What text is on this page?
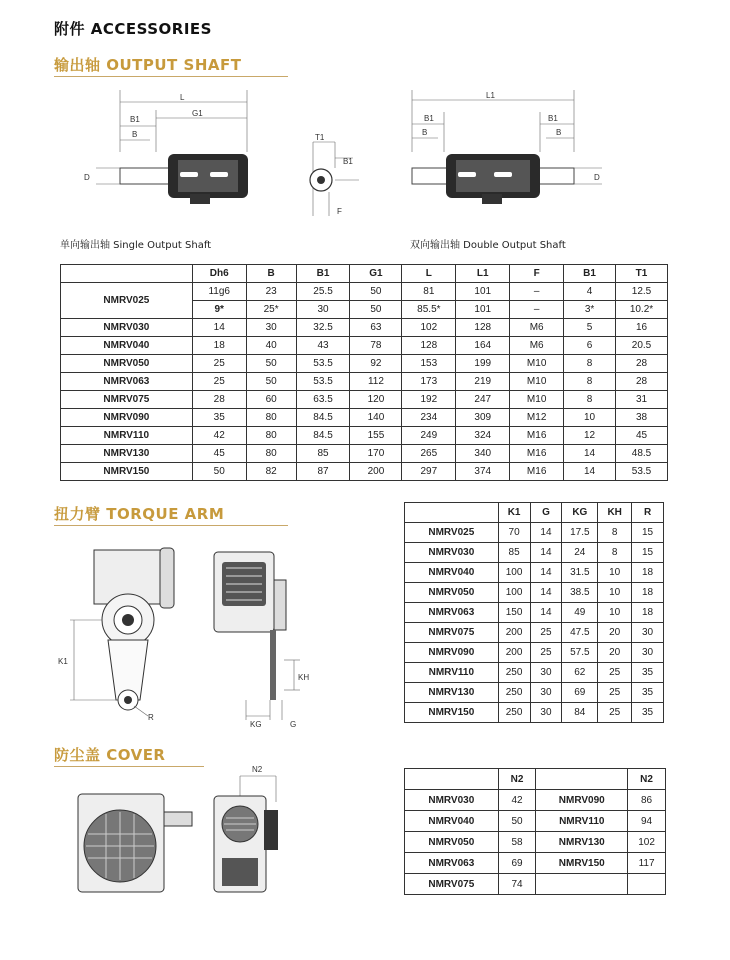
附件 ACCESSORIES
输出轴 OUTPUT SHAFT
L
B1
G1
B
D
T1
B1
F
L1
B1
B
B1
B
D
单向输出轴 Single Output Shaft	双向输出轴 Double Output Shaft
	Dh6	B	B1	G1	L	L1	F	B1	T1
NMRV025	11g6	23	25.5	50	81	101	–	4	12.5
	9*	25*	30	50	85.5*	101	–	3*	10.2*
NMRV030	14	30	32.5	63	102	128	M6	5	16
NMRV040	18	40	43	78	128	164	M6	6	20.5
NMRV050	25	50	53.5	92	153	199	M10	8	28
NMRV063	25	50	53.5	112	173	219	M10	8	28
NMRV075	28	60	63.5	120	192	247	M10	8	31
NMRV090	35	80	84.5	140	234	309	M12	10	38
NMRV110	42	80	84.5	155	249	324	M16	12	45
NMRV130	45	80	85	170	265	340	M16	14	48.5
NMRV150	50	82	87	200	297	374	M16	14	53.5
扭力臂 TORQUE ARM
K1
R
KG	G
KH
	K1	G	KG	KH	R
NMRV025	70	14	17.5	8	15
NMRV030	85	14	24	8	15
NMRV040	100	14	31.5	10	18
NMRV050	100	14	38.5	10	18
NMRV063	150	14	49	10	18
NMRV075	200	25	47.5	20	30
NMRV090	200	25	57.5	20	30
NMRV110	250	30	62	25	35
NMRV130	250	30	69	25	35
NMRV150	250	30	84	25	35
防尘盖 COVER
N2
	N2		N2
NMRV030	42	NMRV090	86
NMRV040	50	NMRV110	94
NMRV050	58	NMRV130	102
NMRV063	69	NMRV150	117
NMRV075	74		
